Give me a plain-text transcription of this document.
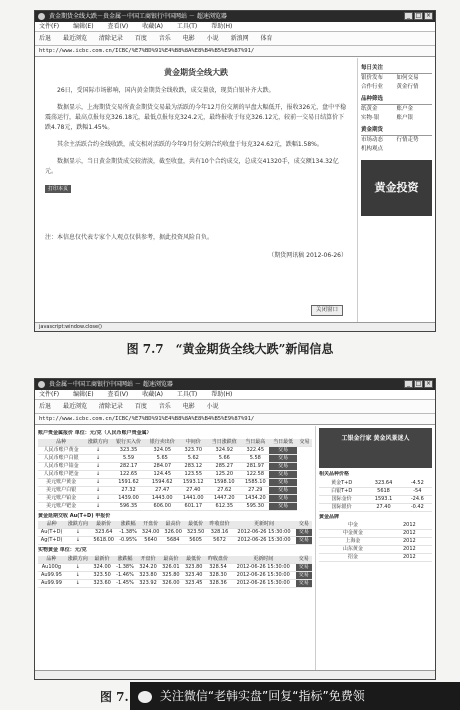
黄金期货全线大跌－贵金属－中国工商银行中国网站 － 超速浏览器	_ □ ×
文件(F) 编辑(E) 查看(V) 收藏(A) 工具(T) 帮助(H)
后退 最近浏览 清除记录 百度 音乐 电影 小说 新浪网 体育
http://www.icbc.com.cn/ICBC/%E7%BD%91%E4%B8%8A%E8%B4%B5%E9%87%91/
黄金期货全线大跌

26日，受国际市场影响，国内黄金期货全线收跌，成交量放，现货白银补齐大跌。

数据显示，上海期货交易所黄金期货交易最为活跃的今年12月份交割的早盘大幅低开，报收326元，盘中平稳震荡运行，最高点报每克326.18元，最低点报每克324.2元，最终报收于每克326.12元，较前一交易日结算价下跌4.78元，跌幅1.45%。

其余主活跃合约全线收跌，成交相对活跃的今年9月份交割合约收盘于每克324.62元，跌幅1.58%。

数据显示，当日黄金期货成交较清淡，截至收盘，共有10个合约成交，总成交41320手，成交额134.32亿元。

打印本页

注：本信息仅代表专家个人观点仅供参考，据此投资风险自负。

（期货网讯稿 2012-06-26）

关闭窗口
每日关注
银价发布	如何交易
合作行业	黄金行情
品种筛选
纸黄金	账户金
实物·银	账户银
黄金期货
市场动态	行情走势
机构观点
黄金投资
javascript:window.close()
图 7.7　“黄金期货全线大跌”新闻信息
贵金属－中国工商银行中国网站 － 超速浏览器	_ □ ×
文件(F) 编辑(E) 查看(V) 收藏(A) 工具(T) 帮助(H)
后退 最近浏览 清除记录 百度 音乐 电影 小说
http://www.icbc.com.cn/ICBC/%E7%BD%91%E4%B8%8A%E8%B4%B5%E9%87%91/
账户贵金属报价 单位：元/克（人民币账户贵金属）
品种	涨跌方向	银行买入价	银行卖出价	中间价	当日涨跌值	当日最高	当日最低	交易
人民币账户黄金	↓	323.35	324.05	323.70	324.92	322.45	交易	
人民币账户白银	↓	5.59	5.65	5.62	5.66	5.58	交易	
人民币账户铂金	↓	282.17	284.07	283.12	285.27	281.97	交易	
人民币账户钯金	↓	122.65	124.45	123.55	125.20	122.58	交易	
美元账户黄金	↓	1591.62	1594.62	1593.12	1598.10	1585.10	交易	
美元账户白银	↓	27.32	27.47	27.40	27.62	27.29	交易	
美元账户铂金	↓	1439.00	1443.00	1441.00	1447.20	1434.20	交易	
美元账户钯金	↓	596.35	606.00	601.17	612.35	595.30	交易	
黄金延期交收 Au(T+D) 申报价
品种	涨跌方向	最新价	涨跌幅	开盘价	最高价	最低价	昨收盘价	更新时间	交易
Au(T+D)	↓	323.64	-1.38%	324.00	326.00	323.50	328.16	2012-06-26 15:30:00	交易
Ag(T+D)	↓	5618.00	-0.95%	5640	5684	5605	5672	2012-06-26 15:30:00	交易
实物黄金 单位：元/克
品种	涨跌方向	最新价	涨跌幅	开盘价	最高价	最低价	昨收盘价	更新时间	交易
Au100g	↓	324.00	-1.38%	324.20	326.01	323.80	328.54	2012-06-26 15:30:00	交易
Au99.95	↓	323.50	-1.46%	323.80	325.80	323.40	328.30	2012-06-26 15:30:00	交易
Au99.99	↓	323.60	-1.45%	323.92	326.00	323.45	328.36	2012-06-26 15:30:00	交易
工银金行家 黄金风景迷人
相关品种价格
黄金T+D	323.64	-4.52
白银T+D	5618	-54
国际金价	1593.1	-24.6
国际银价	27.40	-0.42
黄金品牌
中金	2012
中金黄金	2012
上海金	2012
山东黄金	2012
招金	2012
图 7.	关注微信“老韩实盘”回复“指标”免费领
